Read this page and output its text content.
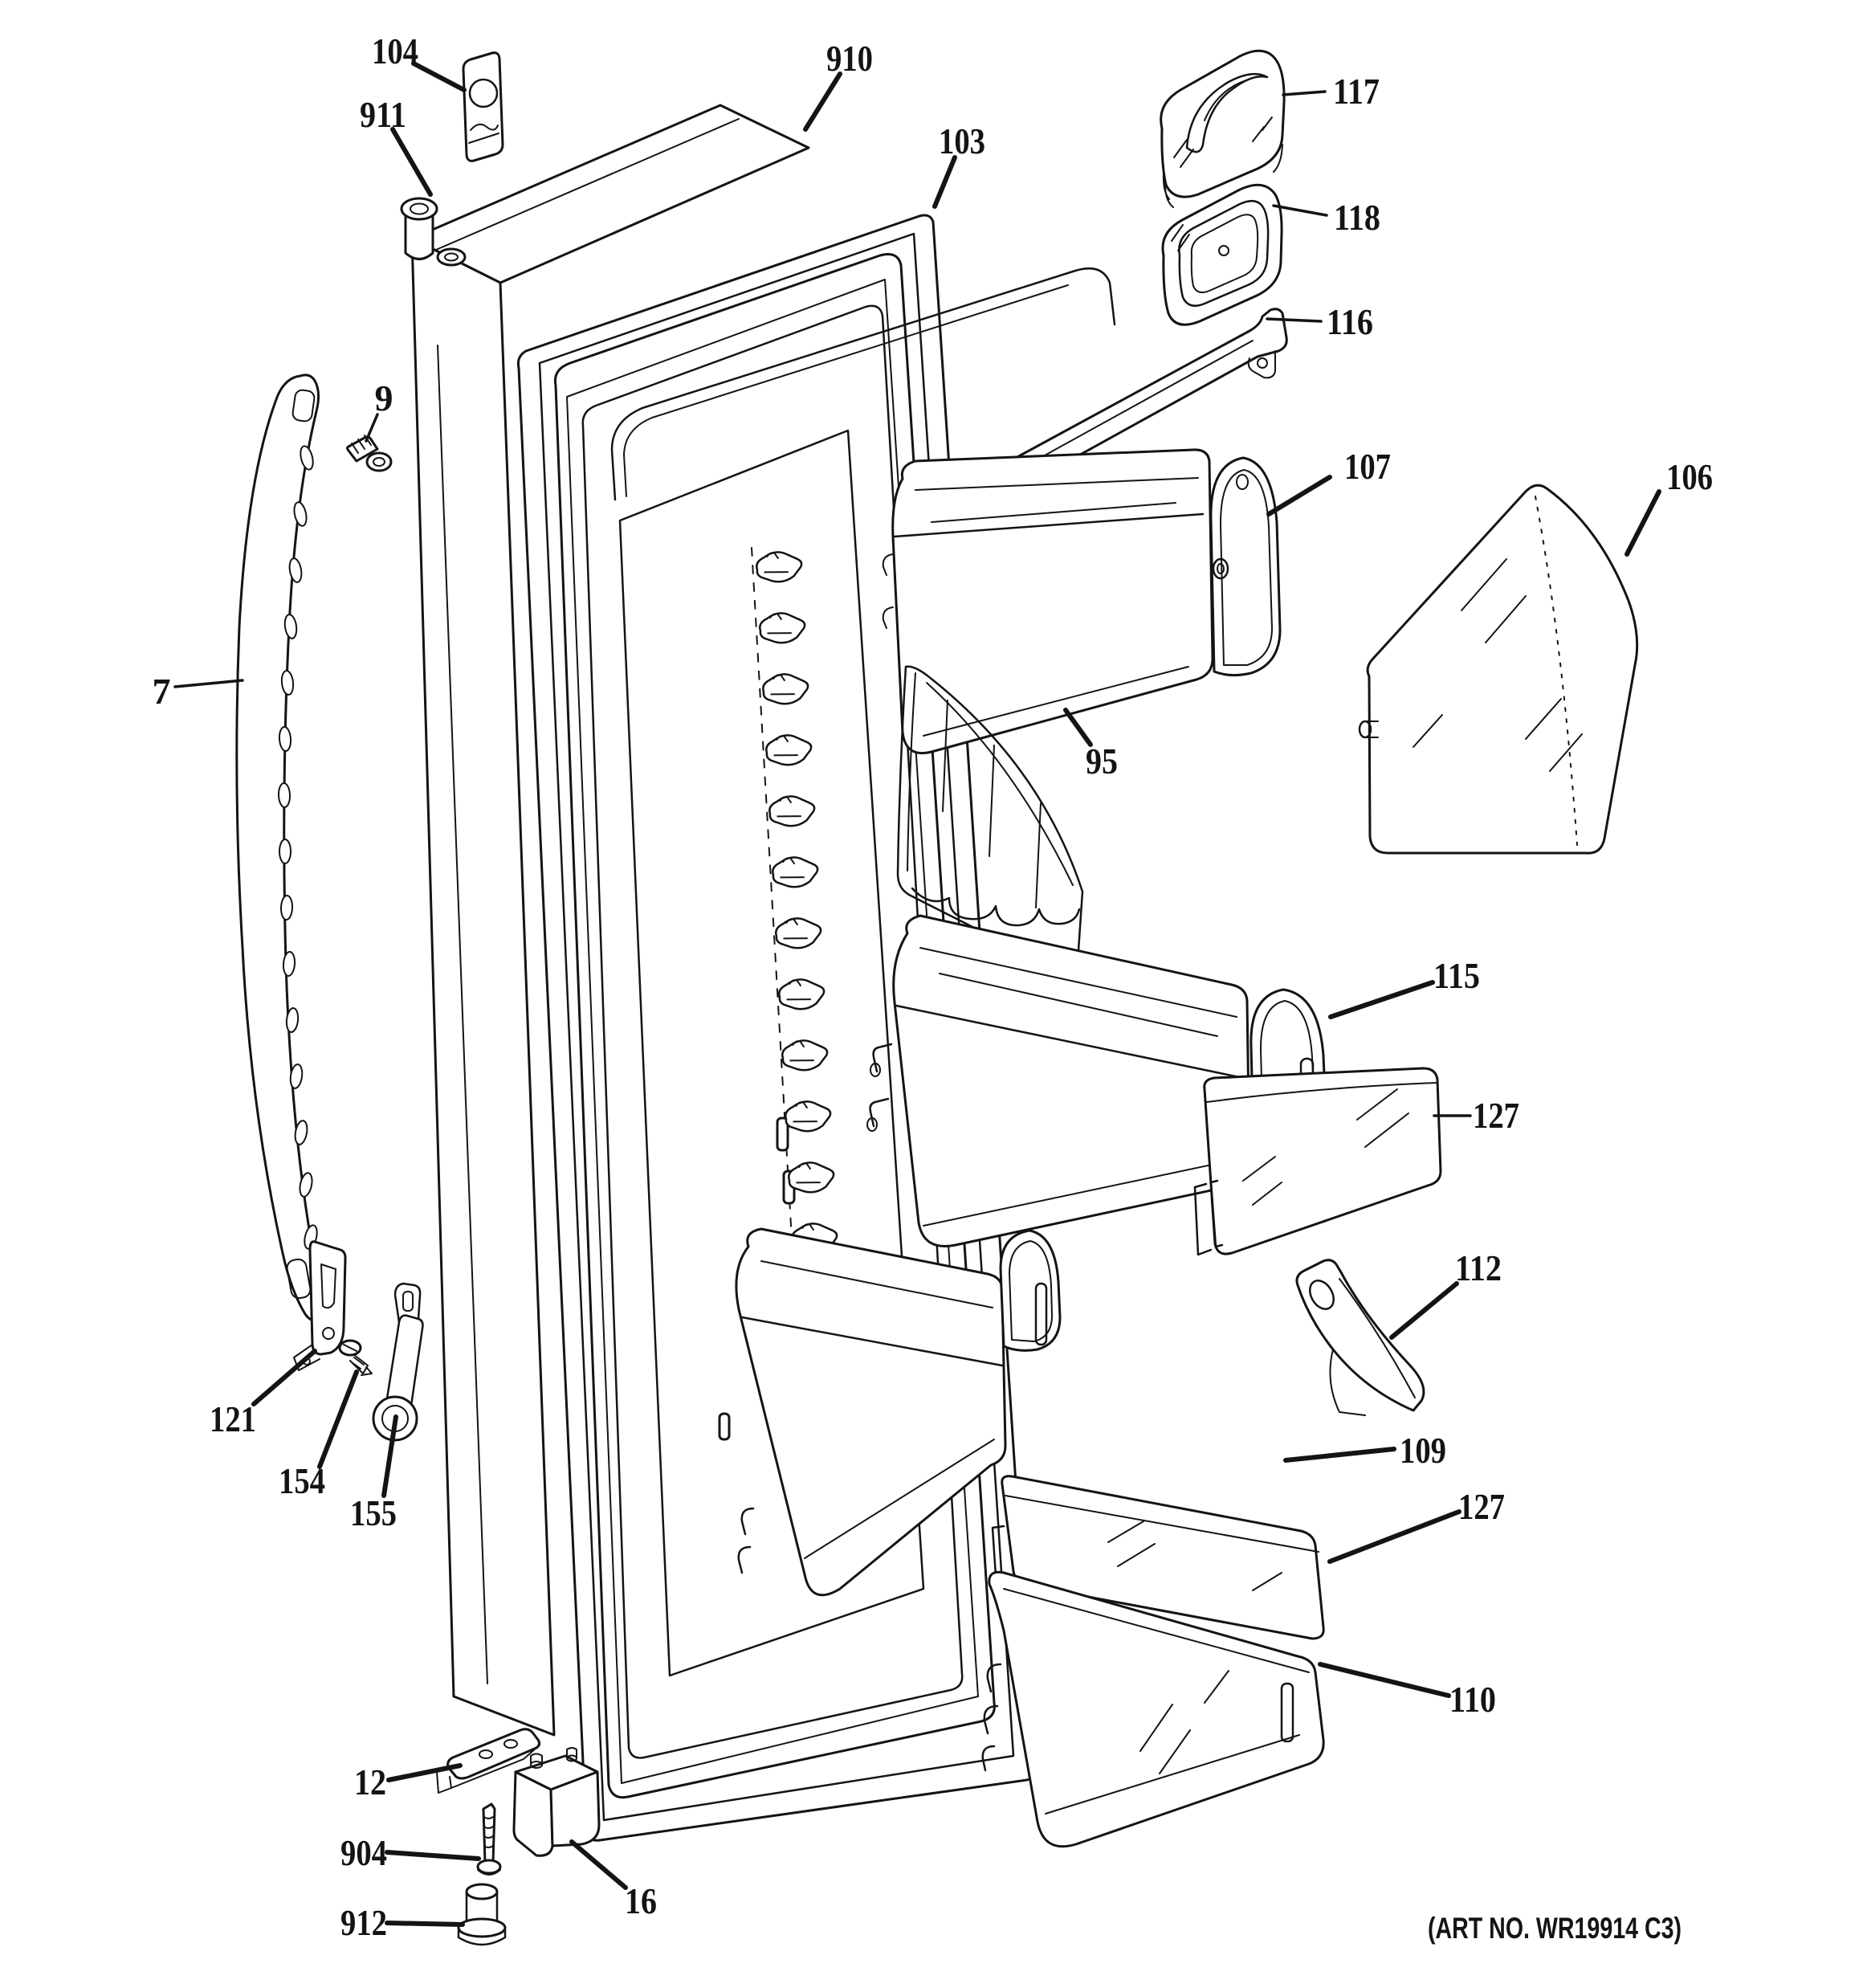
104
911
910
103
117
118
116
107	106
95
115
127
112
109
127
110
7
9
121
154
155
12
904
912
16
(ART NO. WR19914 C3)
